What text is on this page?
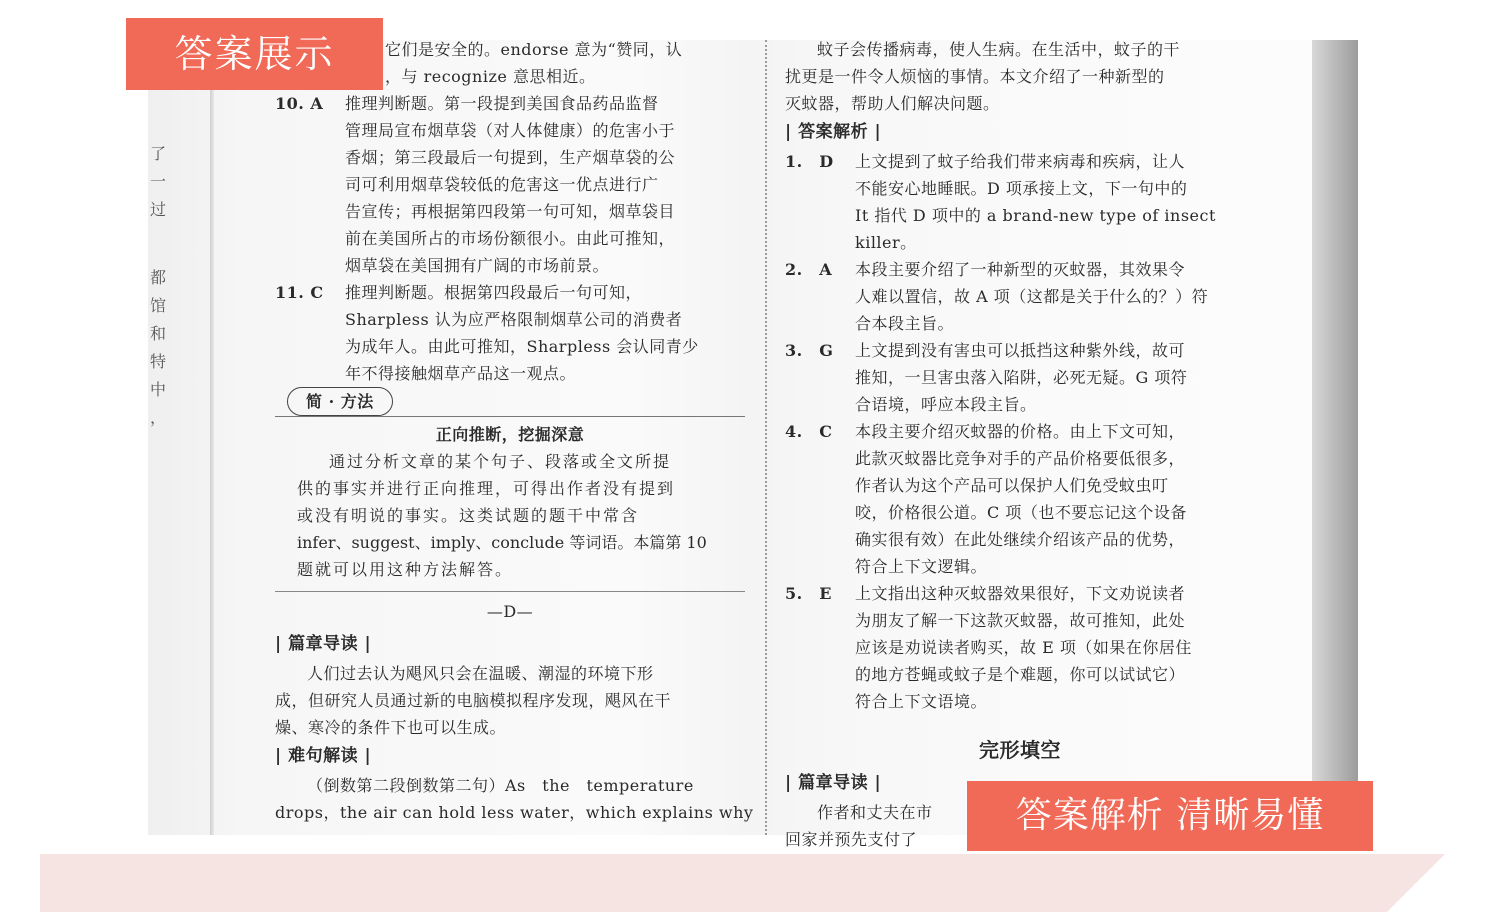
了一
过
都
馆
和
特
中
，
它们是安全的。endorse 意为“赞同，认
，与 recognize 意思相近。
10. A	推理判断题。第一段提到美国食品药品监督
管理局宣布烟草袋（对人体健康）的危害小于
香烟；第三段最后一句提到，生产烟草袋的公
司可利用烟草袋较低的危害这一优点进行广
告宣传；再根据第四段第一句可知，烟草袋目
前在美国所占的市场份额很小。由此可推知，
烟草袋在美国拥有广阔的市场前景。
11. C	推理判断题。根据第四段最后一句可知，
Sharpless 认为应严格限制烟草公司的消费者
为成年人。由此可推知，Sharpless 会认同青少
年不得接触烟草产品这一观点。
简 · 方法
正向推断，挖掘深意
通过分析文章的某个句子、段落或全文所提
供的事实并进行正向推理，可得出作者没有提到
或没有明说的事实。这类试题的题干中常含
infer、suggest、imply、conclude 等词语。本篇第 10
题就可以用这种方法解答。
—D—
| 篇章导读 |
人们过去认为飓风只会在温暖、潮湿的环境下形
成，但研究人员通过新的电脑模拟程序发现，飓风在干
燥、寒冷的条件下也可以生成。
| 难句解读 |
（倒数第二段倒数第二句）As　the　temperature
drops，the air can hold less water，which explains why
蚊子会传播病毒，使人生病。在生活中，蚊子的干
扰更是一件令人烦恼的事情。本文介绍了一种新型的
灭蚊器，帮助人们解决问题。
| 答案解析 |
1.　D	上文提到了蚊子给我们带来病毒和疾病，让人
不能安心地睡眠。D 项承接上文，下一句中的
It 指代 D 项中的 a brand-new type of insect
killer。
2.　A	本段主要介绍了一种新型的灭蚊器，其效果令
人难以置信，故 A 项（这都是关于什么的？）符
合本段主旨。
3.　G	上文提到没有害虫可以抵挡这种紫外线，故可
推知，一旦害虫落入陷阱，必死无疑。G 项符
合语境，呼应本段主旨。
4.　C	本段主要介绍灭蚊器的价格。由上下文可知，
此款灭蚊器比竞争对手的产品价格要低很多，
作者认为这个产品可以保护人们免受蚊虫叮
咬，价格很公道。C 项（也不要忘记这个设备
确实很有效）在此处继续介绍该产品的优势，
符合上下文逻辑。
5.　E	上文指出这种灭蚊器效果很好，下文劝说读者
为朋友了解一下这款灭蚊器，故可推知，此处
应该是劝说读者购买，故 E 项（如果在你居住
的地方苍蝇或蚊子是个难题，你可以试试它）
符合上下文语境。
完形填空
| 篇章导读 |
作者和丈夫在市
回家并预先支付了
答案展示
答案解析 清晰易懂
